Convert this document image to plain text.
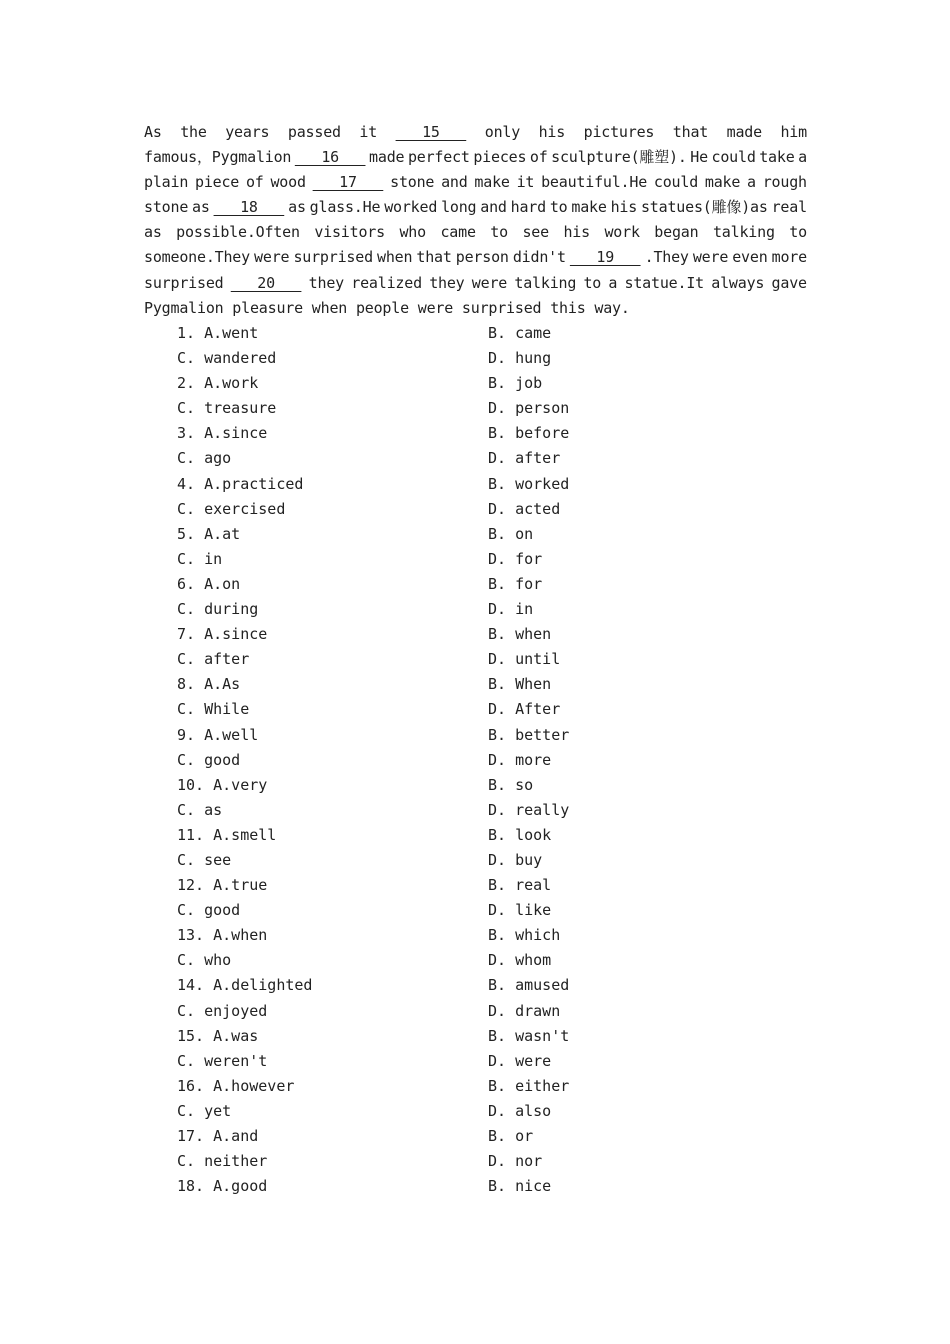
As the years passed it 15 only his pictures that made him
famous，Pygmalion 16 made perfect pieces of sculpture(雕塑). He could take a
plain piece of wood 17 stone and make it beautiful.He could make a rough
stone as 18 as glass.He worked long and hard to make his statues(雕像)as real
as possible.Often visitors who came to see his work began talking to
someone.They were surprised when that person didn't 19 .They were even more
surprised 20 they realized they were talking to a statue.It always gave
Pygmalion pleasure when people were surprised this way.
1. A.went	B. came
C. wandered	D. hung
2. A.work	B. job
C. treasure	D. person
3. A.since	B. before
C. ago	D. after
4. A.practiced	B. worked
C. exercised	D. acted
5. A.at	B. on
C. in	D. for
6. A.on	B. for
C. during	D. in
7. A.since	B. when
C. after	D. until
8. A.As	B. When
C. While	D. After
9. A.well	B. better
C. good	D. more
10. A.very	B. so
C. as	D. really
11. A.smell	B. look
C. see	D. buy
12. A.true	B. real
C. good	D. like
13. A.when	B. which
C. who	D. whom
14. A.delighted	B. amused
C. enjoyed	D. drawn
15. A.was	B. wasn't
C. weren't	D. were
16. A.however	B. either
C. yet	D. also
17. A.and	B. or
C. neither	D. nor
18. A.good	B. nice
